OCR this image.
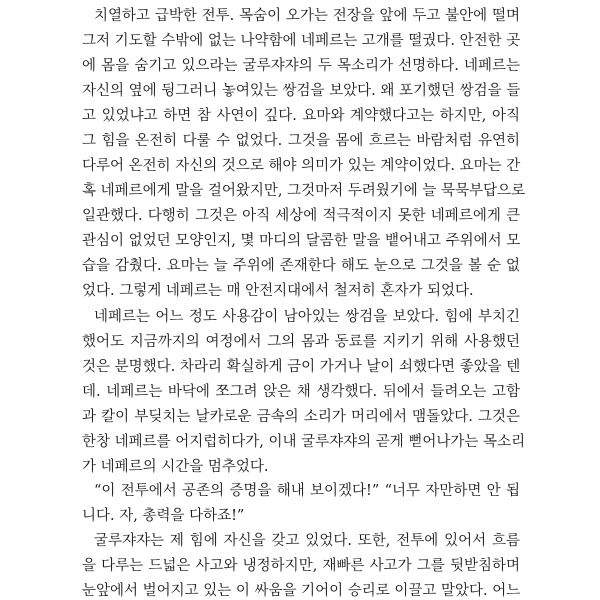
치열하고 급박한 전투. 목숨이 오가는 전장을 앞에 두고 불안에 떨며
그저 기도할 수밖에 없는 나약함에 네페르는 고개를 떨궜다. 안전한 곳
에 몸을 숨기고 있으라는 굴루쟈쟈의 두 목소리가 선명하다. 네페르는
자신의 옆에 뒹그러니 놓여있는 쌍검을 보았다. 왜 포기했던 쌍검을 들
고 있었냐고 하면 참 사연이 깊다. 요마와 계약했다고는 하지만, 아직
그 힘을 온전히 다룰 수 없었다. 그것을 몸에 흐르는 바람처럼 유연히
다루어 온전히 자신의 것으로 해야 의미가 있는 계약이었다. 요마는 간
혹 네페르에게 말을 걸어왔지만, 그것마저 두려웠기에 늘 묵묵부답으로
일관했다. 다행히 그것은 아직 세상에 적극적이지 못한 네페르에게 큰
관심이 없었던 모양인지, 몇 마디의 달콤한 말을 뱉어내고 주위에서 모
습을 감췄다. 요마는 늘 주위에 존재한다 해도 눈으로 그것을 볼 순 없
었다. 그렇게 네페르는 매 안전지대에서 철저히 혼자가 되었다.
네페르는 어느 정도 사용감이 남아있는 쌍검을 보았다. 힘에 부치긴
했어도 지금까지의 여정에서 그의 몸과 동료를 지키기 위해 사용했던
것은 분명했다. 차라리 확실하게 금이 가거나 날이 쇠했다면 좋았을 텐
데. 네페르는 바닥에 쪼그려 앉은 채 생각했다. 뒤에서 들려오는 고함
과 칼이 부딪치는 날카로운 금속의 소리가 머리에서 맴돌았다. 그것은
한창 네페르를 어지럽히다가, 이내 굴루쟈쟈의 곧게 뻗어나가는 목소리
가 네페르의 시간을 멈추었다.
“이 전투에서 공존의 증명을 해내 보이겠다!” “너무 자만하면 안 됩
니다. 자, 총력을 다하죠!”
굴루쟈쟈는 제 힘에 자신을 갖고 있었다. 또한, 전투에 있어서 흐름
을 다루는 드넓은 사고와 냉정하지만, 재빠른 사고가 그를 뒷받침하며
눈앞에서 벌어지고 있는 이 싸움을 기어이 승리로 이끌고 말았다. 어느
